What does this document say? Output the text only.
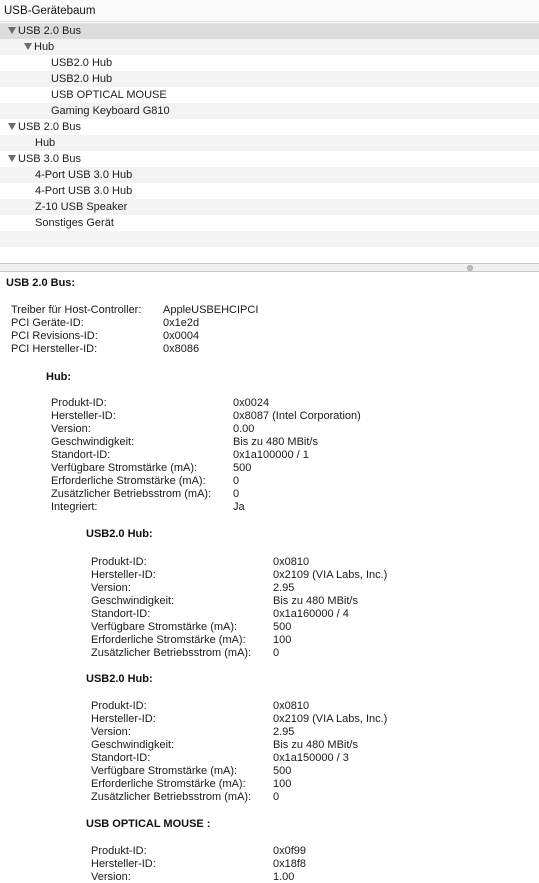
USB-Gerätebaum
USB 2.0 Bus
Hub
USB2.0 Hub
USB2.0 Hub
USB OPTICAL MOUSE
Gaming Keyboard G810
USB 2.0 Bus
Hub
USB 3.0 Bus
4-Port USB 3.0 Hub
4-Port USB 3.0 Hub
Z-10 USB Speaker
Sonstiges Gerät
USB 2.0 Bus:
Treiber für Host-Controller: AppleUSBEHCIPCI
PCI Geräte-ID:	0x1e2d
PCI Revisions-ID:	0x0004
PCI Hersteller-ID:	0x8086
Hub:
Produkt-ID:	0x0024
Hersteller-ID:	0x8087 (Intel Corporation)
Version:	0.00
Geschwindigkeit:	Bis zu 480 MBit/s
Standort-ID:	0x1a100000 / 1
Verfügbare Stromstärke (mA):	500
Erforderliche Stromstärke (mA): 0
Zusätzlicher Betriebsstrom (mA): 0
Integriert:	Ja
USB2.0 Hub:
Produkt-ID:	0x0810
Hersteller-ID:	0x2109 (VIA Labs, Inc.)
Version:	2.95
Geschwindigkeit:	Bis zu 480 MBit/s
Standort-ID:	0x1a160000 / 4
Verfügbare Stromstärke (mA):	500
Erforderliche Stromstärke (mA): 100
Zusätzlicher Betriebsstrom (mA): 0
USB2.0 Hub:
Produkt-ID:	0x0810
Hersteller-ID:	0x2109 (VIA Labs, Inc.)
Version:	2.95
Geschwindigkeit:	Bis zu 480 MBit/s
Standort-ID:	0x1a150000 / 3
Verfügbare Stromstärke (mA):	500
Erforderliche Stromstärke (mA): 100
Zusätzlicher Betriebsstrom (mA): 0
USB OPTICAL MOUSE :
Produkt-ID:	0x0f99
Hersteller-ID:	0x18f8
Version:	1.00
